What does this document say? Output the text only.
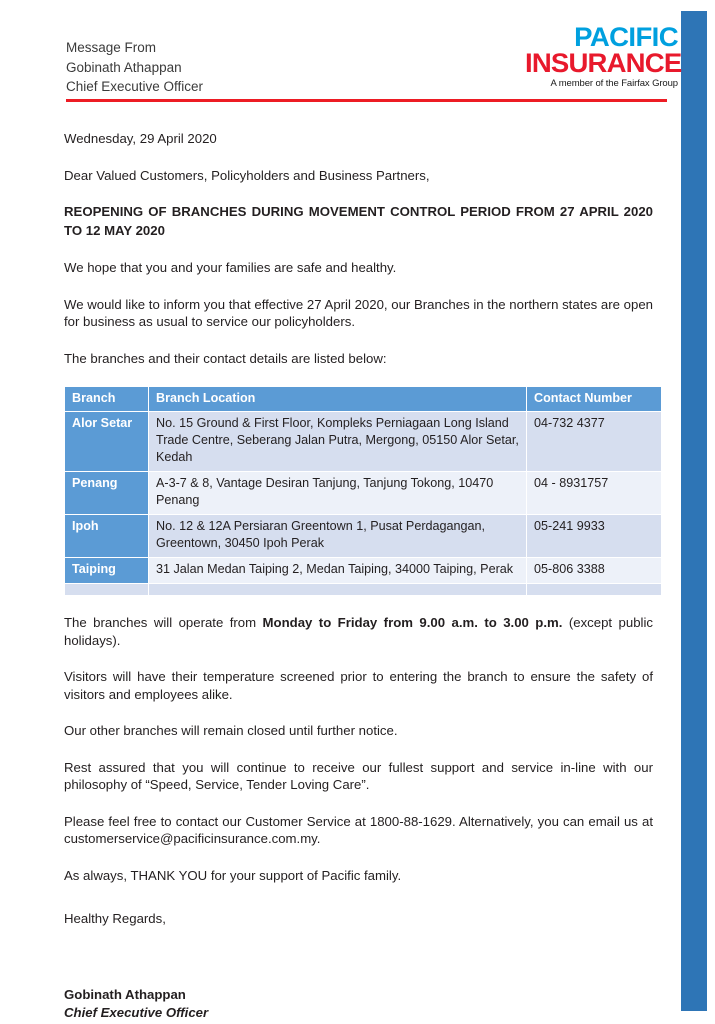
Message From
Gobinath Athappan
Chief Executive Officer
PACIFIC
INSURANCE
A member of the Fairfax Group

Wednesday, 29 April 2020

Dear Valued Customers, Policyholders and Business Partners,

REOPENING OF BRANCHES DURING MOVEMENT CONTROL PERIOD FROM 27 APRIL 2020 TO 12 MAY 2020

We hope that you and your families are safe and healthy.

We would like to inform you that effective 27 April 2020, our Branches in the northern states are open for business as usual to service our policyholders.

The branches and their contact details are listed below:

Branch	Branch Location	Contact Number
Alor Setar	No. 15 Ground & First Floor, Kompleks Perniagaan Long Island Trade Centre, Seberang Jalan Putra, Mergong, 05150 Alor Setar, Kedah	04-732 4377
Penang	A-3-7 & 8, Vantage Desiran Tanjung, Tanjung Tokong, 10470 Penang	04 - 8931757
Ipoh	No. 12 & 12A Persiaran Greentown 1, Pusat Perdagangan, Greentown, 30450 Ipoh Perak	05-241 9933
Taiping	31 Jalan Medan Taiping 2, Medan Taiping, 34000 Taiping, Perak	05-806 3388

The branches will operate from Monday to Friday from 9.00 a.m. to 3.00 p.m. (except public holidays).

Visitors will have their temperature screened prior to entering the branch to ensure the safety of visitors and employees alike.

Our other branches will remain closed until further notice.

Rest assured that you will continue to receive our fullest support and service in-line with our philosophy of “Speed, Service, Tender Loving Care”.

Please feel free to contact our Customer Service at 1800-88-1629. Alternatively, you can email us at customerservice@pacificinsurance.com.my.

As always, THANK YOU for your support of Pacific family.

Healthy Regards,

Gobinath Athappan

Chief Executive Officer
